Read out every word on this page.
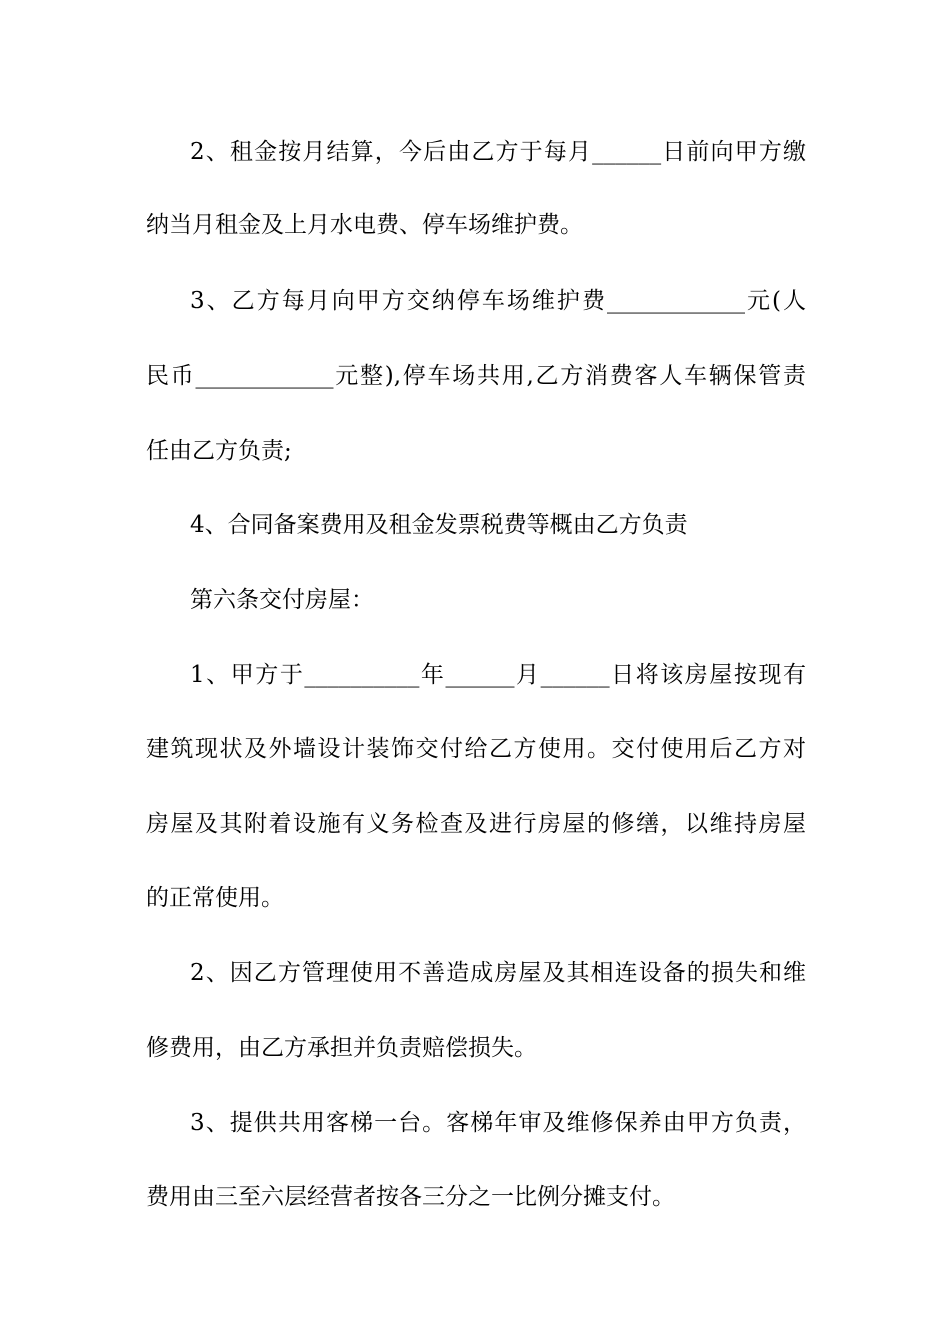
2、租金按月结算，今后由乙方于每月______日前向甲方缴
纳当月租金及上月水电费、停车场维护费。
3、乙方每月向甲方交纳停车场维护费____________元(人
民币____________元整),停车场共用,乙方消费客人车辆保管责
任由乙方负责;
4、合同备案费用及租金发票税费等概由乙方负责
第六条交付房屋：
1、甲方于__________年______月______日将该房屋按现有
建筑现状及外墙设计装饰交付给乙方使用。交付使用后乙方对
房屋及其附着设施有义务检查及进行房屋的修缮，以维持房屋
的正常使用。
2、因乙方管理使用不善造成房屋及其相连设备的损失和维
修费用，由乙方承担并负责赔偿损失。
3、提供共用客梯一台。客梯年审及维修保养由甲方负责，
费用由三至六层经营者按各三分之一比例分摊支付。
